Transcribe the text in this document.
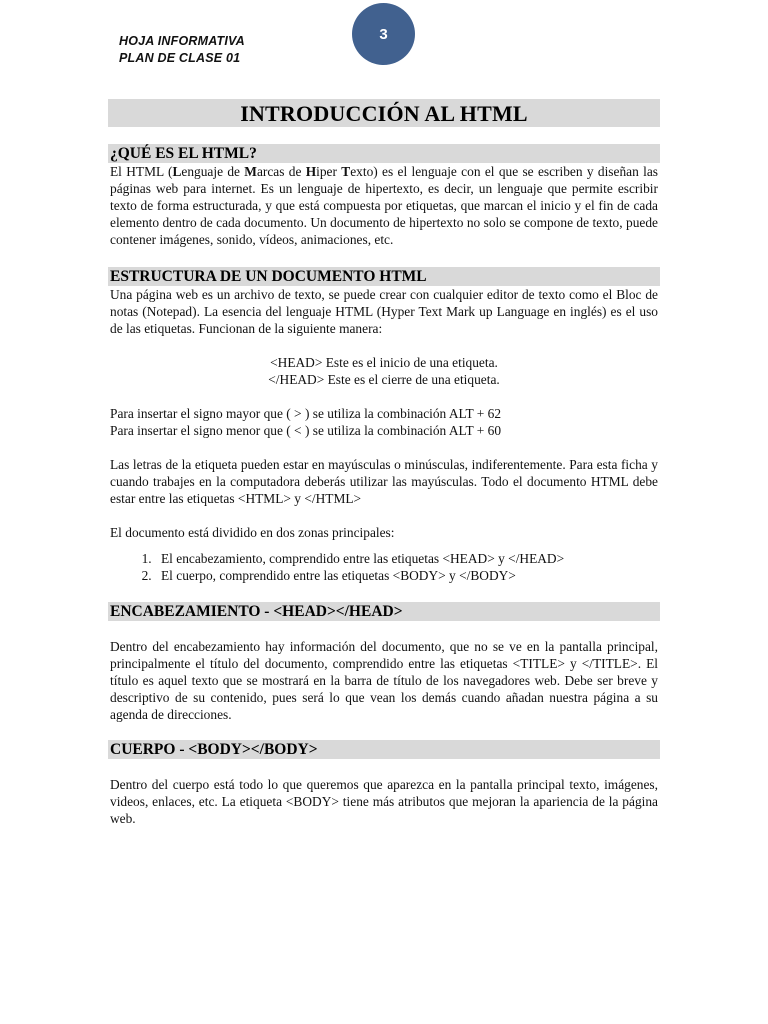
HOJA INFORMATIVA
PLAN DE CLASE 01
3
INTRODUCCIÓN AL HTML
¿QUÉ ES EL HTML?

El HTML (Lenguaje de Marcas de Hiper Texto) es el lenguaje con el que se escriben y diseñan las páginas web para internet. Es un lenguaje de hipertexto, es decir, un lenguaje que permite escribir texto de forma estructurada, y que está compuesta por etiquetas, que marcan el inicio y el fin de cada elemento dentro de cada documento. Un documento de hipertexto no solo se compone de texto, puede contener imágenes, sonido, vídeos, animaciones, etc.

ESTRUCTURA DE UN DOCUMENTO HTML

Una página web es un archivo de texto, se puede crear con cualquier editor de texto como el Bloc de notas (Notepad). La esencia del lenguaje HTML (Hyper Text Mark up Language en inglés) es el uso de las etiquetas. Funcionan de la siguiente manera:

<HEAD> Este es el inicio de una etiqueta.

</HEAD> Este es el cierre de una etiqueta.

Para insertar el signo mayor que ( > ) se utiliza la combinación ALT + 62

Para insertar el signo menor que ( < ) se utiliza la combinación ALT + 60

Las letras de la etiqueta pueden estar en mayúsculas o minúsculas, indiferentemente. Para esta ficha y cuando trabajes en la computadora deberás utilizar las mayúsculas. Todo el documento HTML debe estar entre las etiquetas <HTML> y </HTML>

El documento está dividido en dos zonas principales:

1. El encabezamiento, comprendido entre las etiquetas <HEAD> y </HEAD>
2. El cuerpo, comprendido entre las etiquetas <BODY> y </BODY>
ENCABEZAMIENTO - <HEAD></HEAD>

Dentro del encabezamiento hay información del documento, que no se ve en la pantalla principal, principalmente el título del documento, comprendido entre las etiquetas <TITLE> y </TITLE>. El título es aquel texto que se mostrará en la barra de título de los navegadores web. Debe ser breve y descriptivo de su contenido, pues será lo que vean los demás cuando añadan nuestra página a su agenda de direcciones.

CUERPO - <BODY></BODY>

Dentro del cuerpo está todo lo que queremos que aparezca en la pantalla principal texto, imágenes, videos, enlaces, etc. La etiqueta <BODY> tiene más atributos que mejoran la apariencia de la página web.
